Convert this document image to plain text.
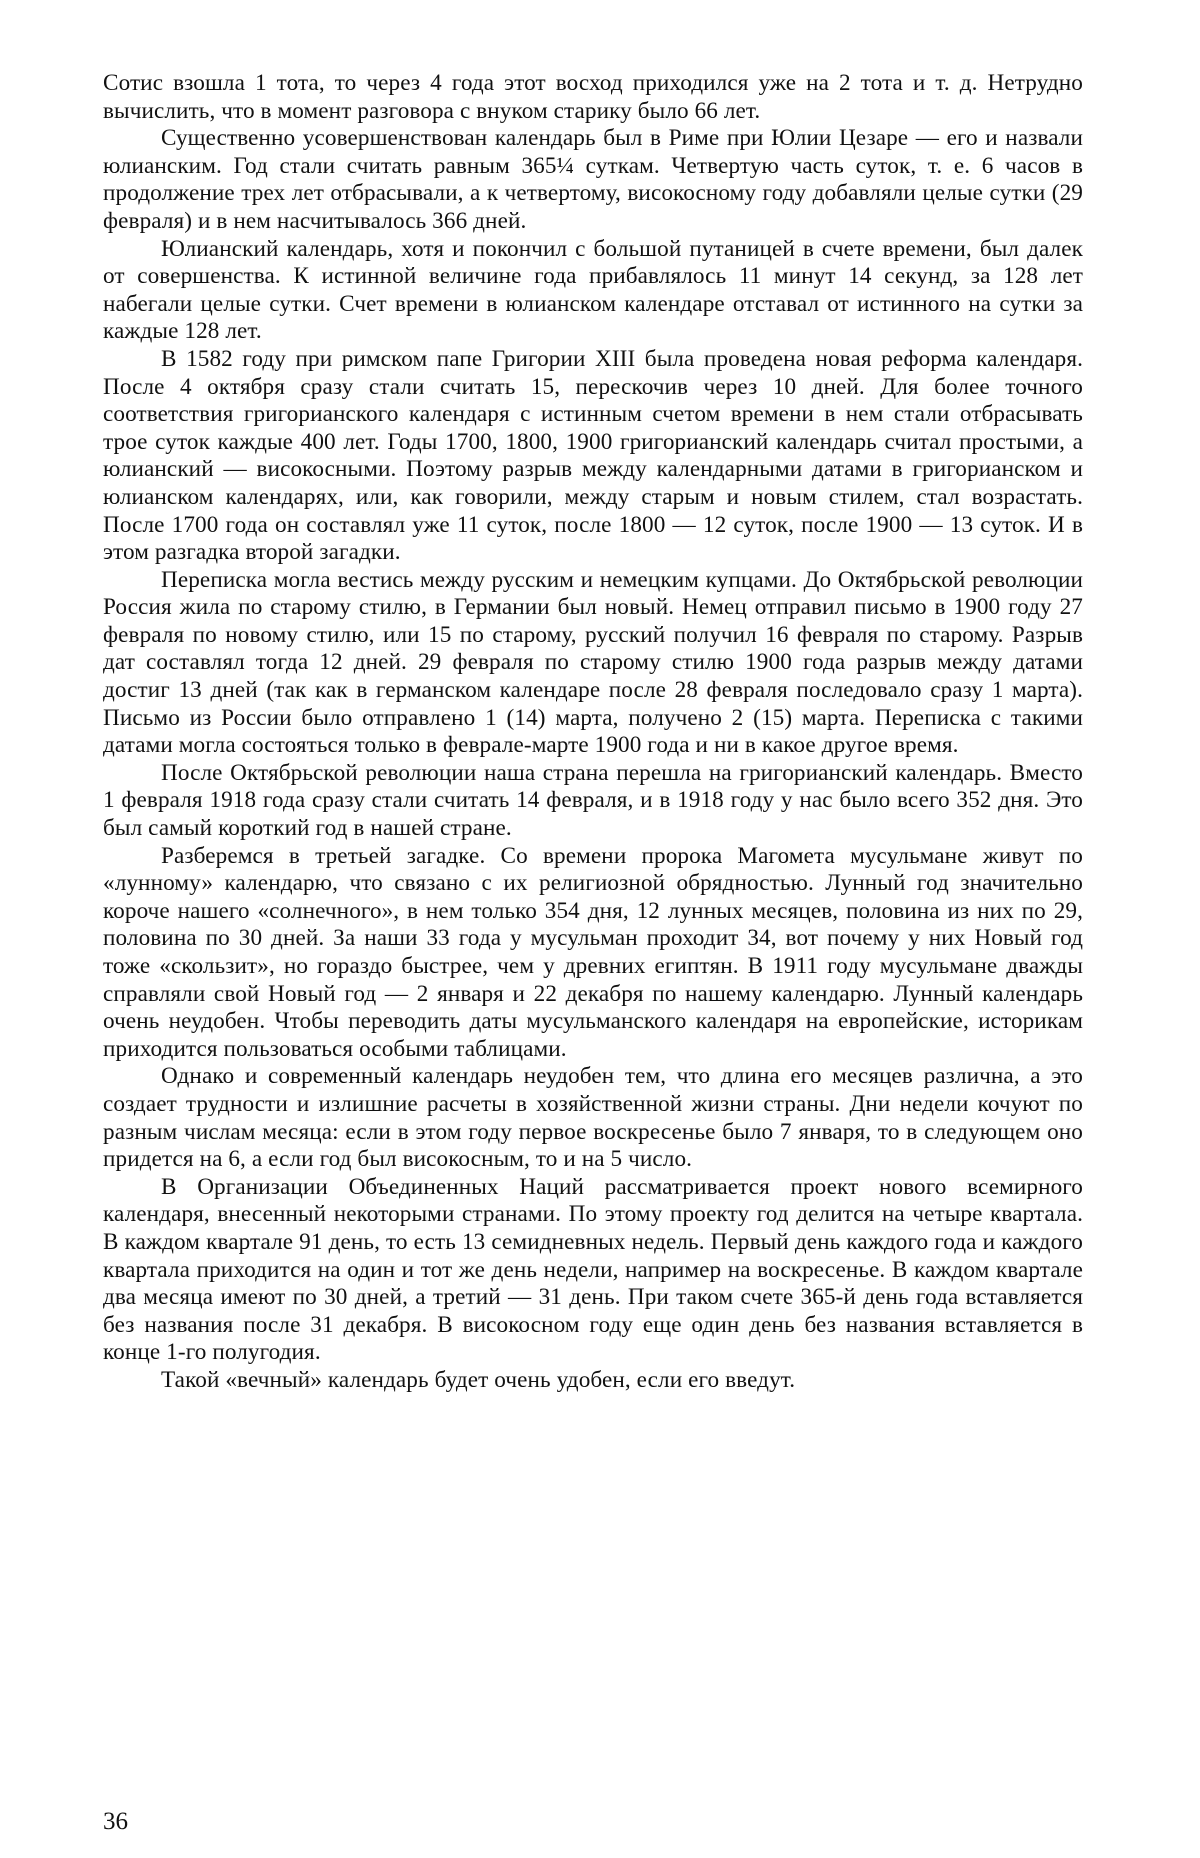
Сотис взошла 1 тота, то через 4 года этот восход приходился уже на 2 тота и т. д. Нетрудно вычислить, что в момент разговора с внуком старику было 66 лет.

Существенно усовершенствован календарь был в Риме при Юлии Цезаре — его и назвали юлианским. Год стали считать равным 365¼ суткам. Четвертую часть суток, т. е. 6 часов в продолжение трех лет отбрасывали, а к четвертому, високосному году добавляли целые сутки (29 февраля) и в нем насчитывалось 366 дней.

Юлианский календарь, хотя и покончил с большой путаницей в счете времени, был далек от совершенства. К истинной величине года прибавлялось 11 минут 14 секунд, за 128 лет набегали целые сутки. Счет времени в юлианском календаре отставал от истинного на сутки за каждые 128 лет.

В 1582 году при римском папе Григории XIII была проведена новая реформа календаря. После 4 октября сразу стали считать 15, перескочив через 10 дней. Для более точного соответствия григорианского календаря с истинным счетом времени в нем стали отбрасывать трое суток каждые 400 лет. Годы 1700, 1800, 1900 григорианский календарь считал простыми, а юлианский — високосными. Поэтому разрыв между календарными датами в григорианском и юлианском календарях, или, как говорили, между старым и новым стилем, стал возрастать. После 1700 года он составлял уже 11 суток, после 1800 — 12 суток, после 1900 — 13 суток. И в этом разгадка второй загадки.

Переписка могла вестись между русским и немецким купцами. До Октябрьской революции Россия жила по старому стилю, в Германии был новый. Немец отправил письмо в 1900 году 27 февраля по новому стилю, или 15 по старому, русский получил 16 февраля по старому. Разрыв дат составлял тогда 12 дней. 29 февраля по старому стилю 1900 года разрыв между датами достиг 13 дней (так как в германском календаре после 28 февраля последовало сразу 1 марта). Письмо из России было отправлено 1 (14) марта, получено 2 (15) марта. Переписка с такими датами могла состояться только в феврале-марте 1900 года и ни в какое другое время.

После Октябрьской революции наша страна перешла на григорианский календарь. Вместо 1 февраля 1918 года сразу стали считать 14 февраля, и в 1918 году у нас было всего 352 дня. Это был самый короткий год в нашей стране.

Разберемся в третьей загадке. Со времени пророка Магомета мусульмане живут по «лунному» календарю, что связано с их религиозной обрядностью. Лунный год значительно короче нашего «солнечного», в нем только 354 дня, 12 лунных месяцев, половина из них по 29, половина по 30 дней. За наши 33 года у мусульман проходит 34, вот почему у них Новый год тоже «скользит», но гораздо быстрее, чем у древних египтян. В 1911 году мусульмане дважды справляли свой Новый год — 2 января и 22 декабря по нашему календарю. Лунный календарь очень неудобен. Чтобы переводить даты мусульманского календаря на европейские, историкам приходится пользоваться особыми таблицами.

Однако и современный календарь неудобен тем, что длина его месяцев различна, а это создает трудности и излишние расчеты в хозяйственной жизни страны. Дни недели кочуют по разным числам месяца: если в этом году первое воскресенье было 7 января, то в следующем оно придется на 6, а если год был високосным, то и на 5 число.

В Организации Объединенных Наций рассматривается проект нового всемирного календаря, внесенный некоторыми странами. По этому проекту год делится на четыре квартала. В каждом квартале 91 день, то есть 13 семидневных недель. Первый день каждого года и каждого квартала приходится на один и тот же день недели, например на воскресенье. В каждом квартале два месяца имеют по 30 дней, а третий — 31 день. При таком счете 365-й день года вставляется без названия после 31 декабря. В високосном году еще один день без названия вставляется в конце 1-го полугодия.

Такой «вечный» календарь будет очень удобен, если его введут.

36
